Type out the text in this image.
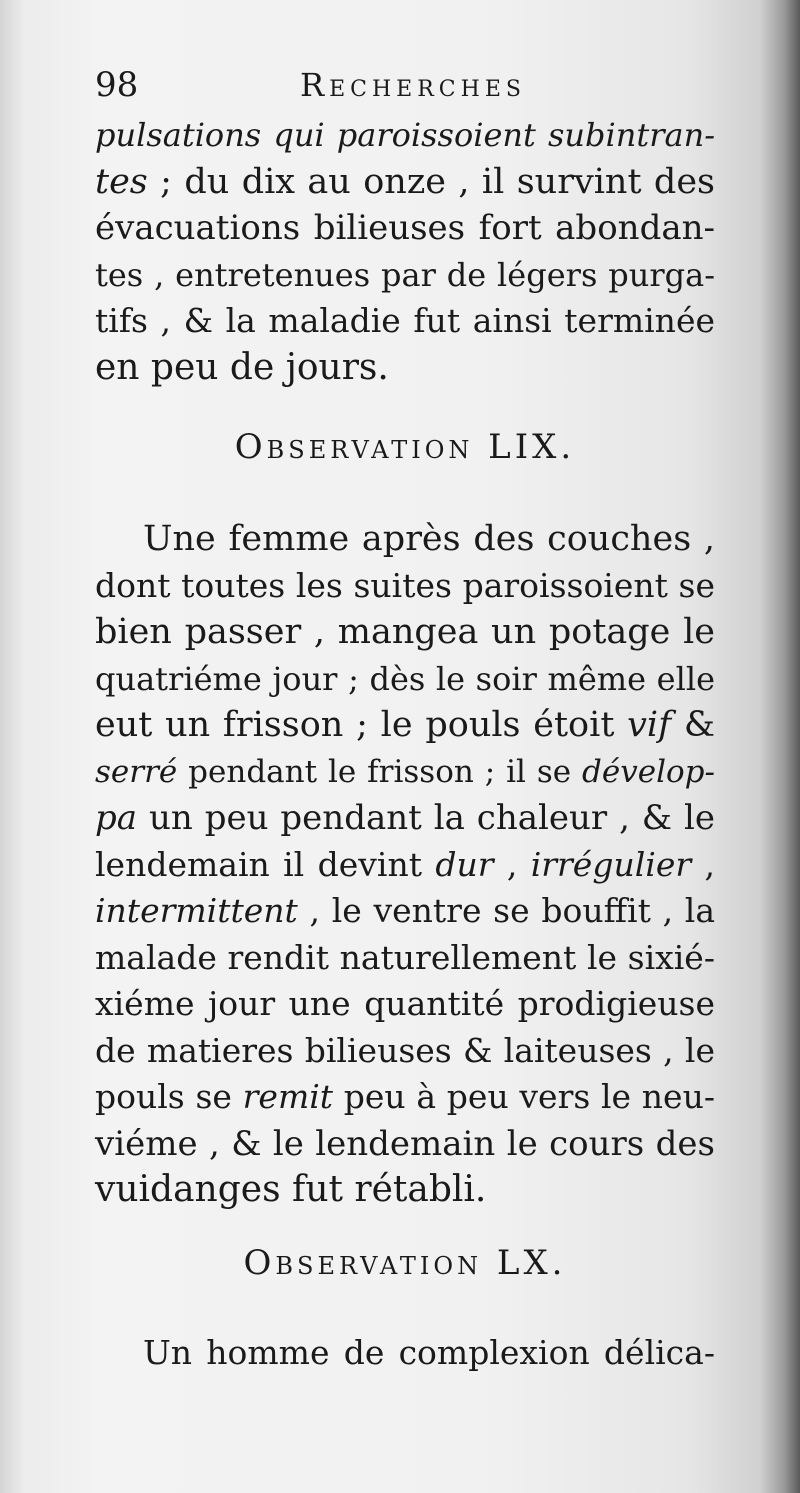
98	Recherches
pulsations qui paroissoient subintran-
tes ; du dix au onze , il survint des
évacuations bilieuses fort abondan-
tes , entretenues par de légers purga-
tifs , & la maladie fut ainsi terminée
en peu de jours.
Observation LIX.
Une femme après des couches ,
dont toutes les suites paroissoient se
bien passer , mangea un potage le
quatriéme jour ; dès le soir même elle
eut un frisson ; le pouls étoit vif &
serré pendant le frisson ; il se dévelop-
pa un peu pendant la chaleur , & le
lendemain il devint dur , irrégulier ,
intermittent , le ventre se bouffit , la
malade rendit naturellement le sixié-
xiéme jour une quantité prodigieuse
de matieres bilieuses & laiteuses , le
pouls se remit peu à peu vers le neu-
viéme , & le lendemain le cours des
vuidanges fut rétabli.
Observation LX.
Un homme de complexion délica-
